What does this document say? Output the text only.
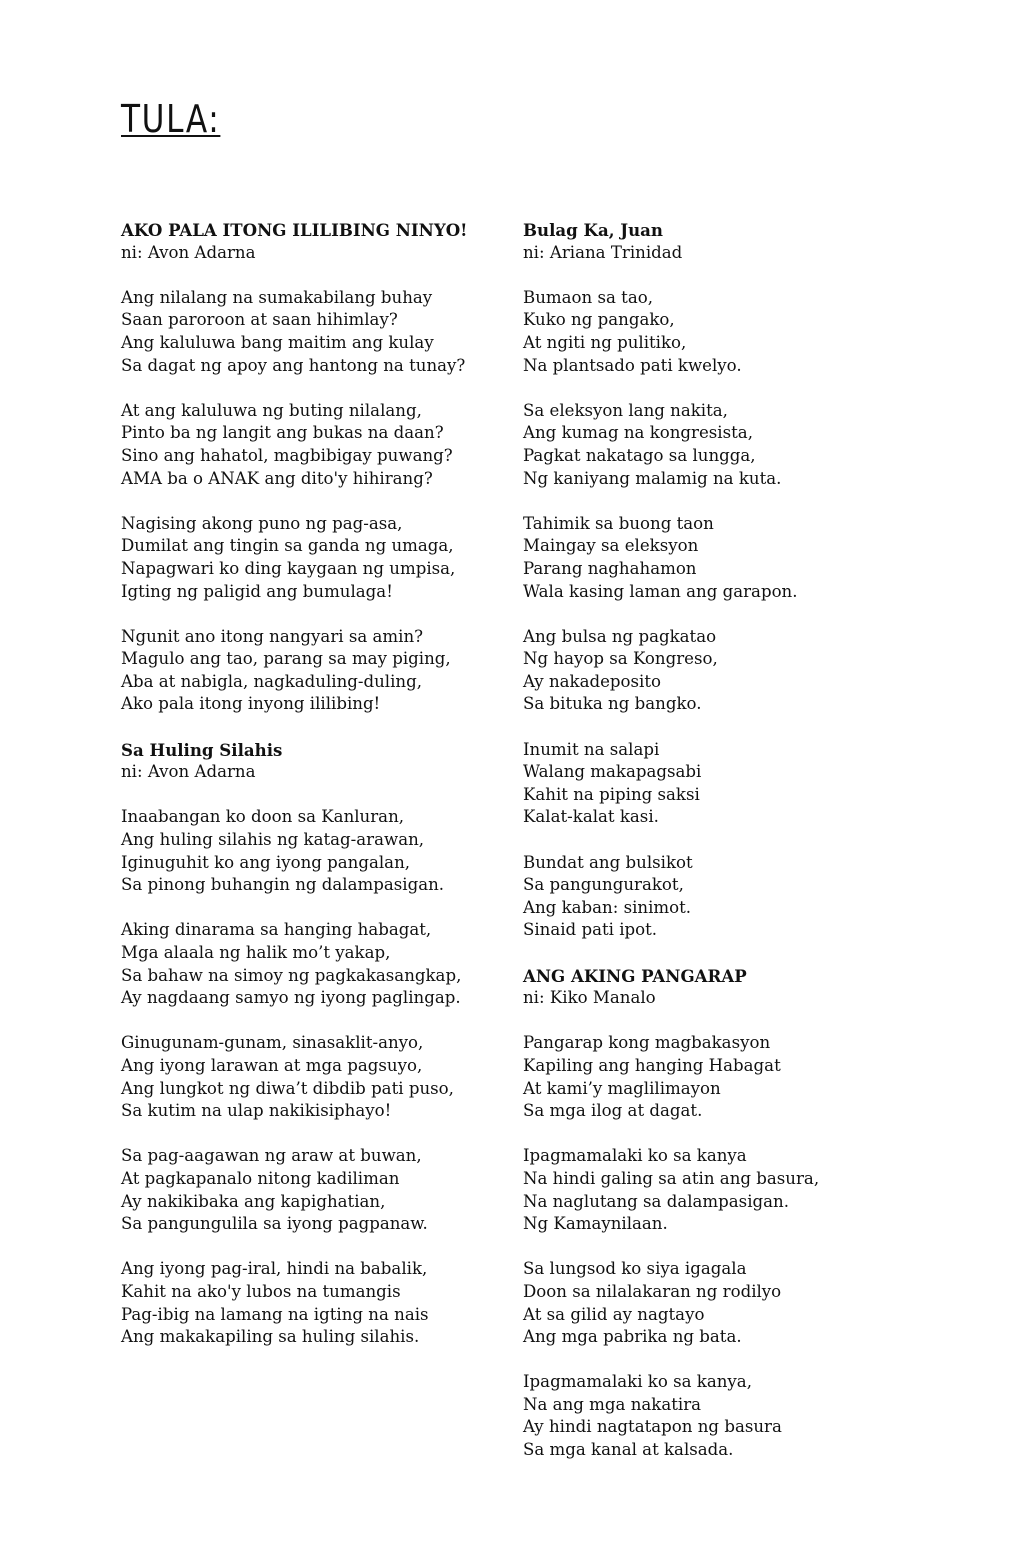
TULA:
AKO PALA ITONG ILILIBING NINYO!
ni: Avon Adarna
Ang nilalang na sumakabilang buhay
Saan paroroon at saan hihimlay?
Ang kaluluwa bang maitim ang kulay
Sa dagat ng apoy ang hantong na tunay?
At ang kaluluwa ng buting nilalang,
Pinto ba ng langit ang bukas na daan?
Sino ang hahatol, magbibigay puwang?
AMA ba o ANAK ang dito'y hihirang?
Nagising akong puno ng pag-asa,
Dumilat ang tingin sa ganda ng umaga,
Napagwari ko ding kaygaan ng umpisa,
Igting ng paligid ang bumulaga!
Ngunit ano itong nangyari sa amin?
Magulo ang tao, parang sa may piging,
Aba at nabigla, nagkaduling-duling,
Ako pala itong inyong ililibing!
Sa Huling Silahis
ni: Avon Adarna
Inaabangan ko doon sa Kanluran,
Ang huling silahis ng katag-arawan,
Iginuguhit ko ang iyong pangalan,
Sa pinong buhangin ng dalampasigan.
Aking dinarama sa hanging habagat,
Mga alaala ng halik mo’t yakap,
Sa bahaw na simoy ng pagkakasangkap,
Ay nagdaang samyo ng iyong paglingap.
Ginugunam-gunam, sinasaklit-anyo,
Ang iyong larawan at mga pagsuyo,
Ang lungkot ng diwa’t dibdib pati puso,
Sa kutim na ulap nakikisiphayo!
Sa pag-aagawan ng araw at buwan,
At pagkapanalo nitong kadiliman
Ay nakikibaka ang kapighatian,
Sa pangungulila sa iyong pagpanaw.
Ang iyong pag-iral, hindi na babalik,
Kahit na ako'y lubos na tumangis
Pag-ibig na lamang na igting na nais
Ang makakapiling sa huling silahis.
Bulag Ka, Juan
ni: Ariana Trinidad
Bumaon sa tao,
Kuko ng pangako,
At ngiti ng pulitiko,
Na plantsado pati kwelyo.
Sa eleksyon lang nakita,
Ang kumag na kongresista,
Pagkat nakatago sa lungga,
Ng kaniyang malamig na kuta.
Tahimik sa buong taon
Maingay sa eleksyon
Parang naghahamon
Wala kasing laman ang garapon.
Ang bulsa ng pagkatao
Ng hayop sa Kongreso,
Ay nakadeposito
Sa bituka ng bangko.
Inumit na salapi
Walang makapagsabi
Kahit na piping saksi
Kalat-kalat kasi.
Bundat ang bulsikot
Sa pangungurakot,
Ang kaban: sinimot.
Sinaid pati ipot.
ANG AKING PANGARAP
ni: Kiko Manalo
Pangarap kong magbakasyon
Kapiling ang hanging Habagat
At kami’y maglilimayon
Sa mga ilog at dagat.
Ipagmamalaki ko sa kanya
Na hindi galing sa atin ang basura,
Na naglutang sa dalampasigan.
Ng Kamaynilaan.
Sa lungsod ko siya igagala
Doon sa nilalakaran ng rodilyo
At sa gilid ay nagtayo
Ang mga pabrika ng bata.
Ipagmamalaki ko sa kanya,
Na ang mga nakatira
Ay hindi nagtatapon ng basura
Sa mga kanal at kalsada.
